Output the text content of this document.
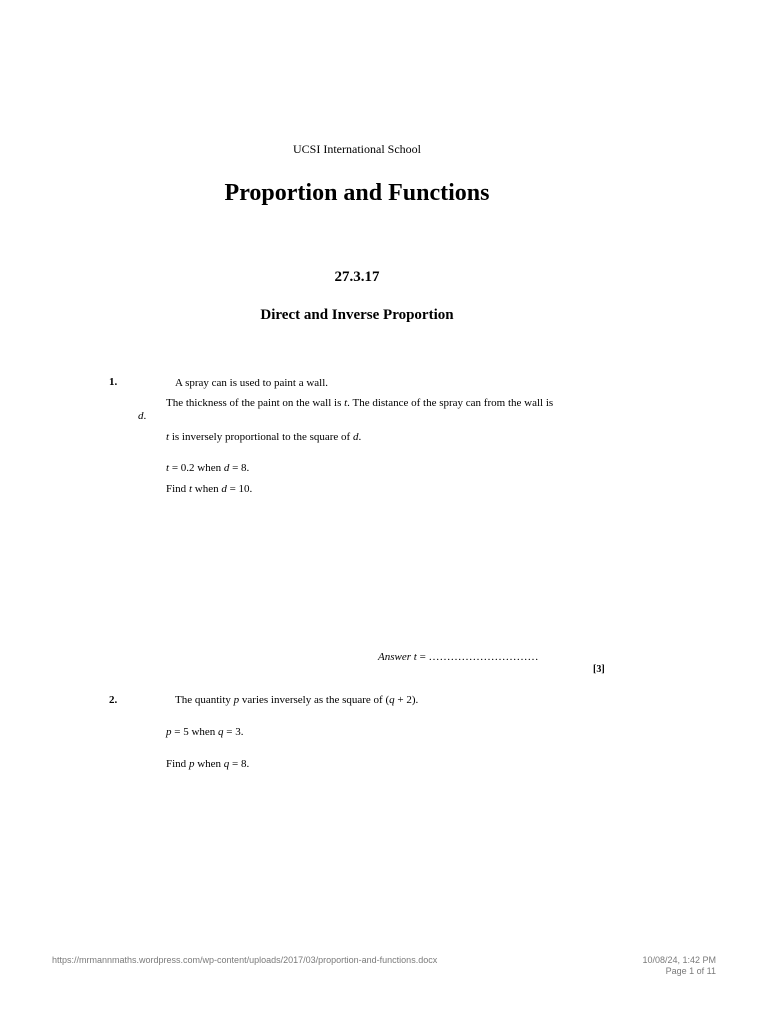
UCSI International School
Proportion and Functions
27.3.17
Direct and Inverse Proportion
1.	A spray can is used to paint a wall.
The thickness of the paint on the wall is t. The distance of the spray can from the wall is
d.
t is inversely proportional to the square of d.
t = 0.2 when d = 8.
Find t when d = 10.
Answer t = …………………………
[3]
2.	The quantity p varies inversely as the square of (q + 2).
p = 5 when q = 3.
Find p when q = 8.
https://mrmannmaths.wordpress.com/wp-content/uploads/2017/03/proportion-and-functions.docx	10/08/24, 1:42 PM
Page 1 of 11
